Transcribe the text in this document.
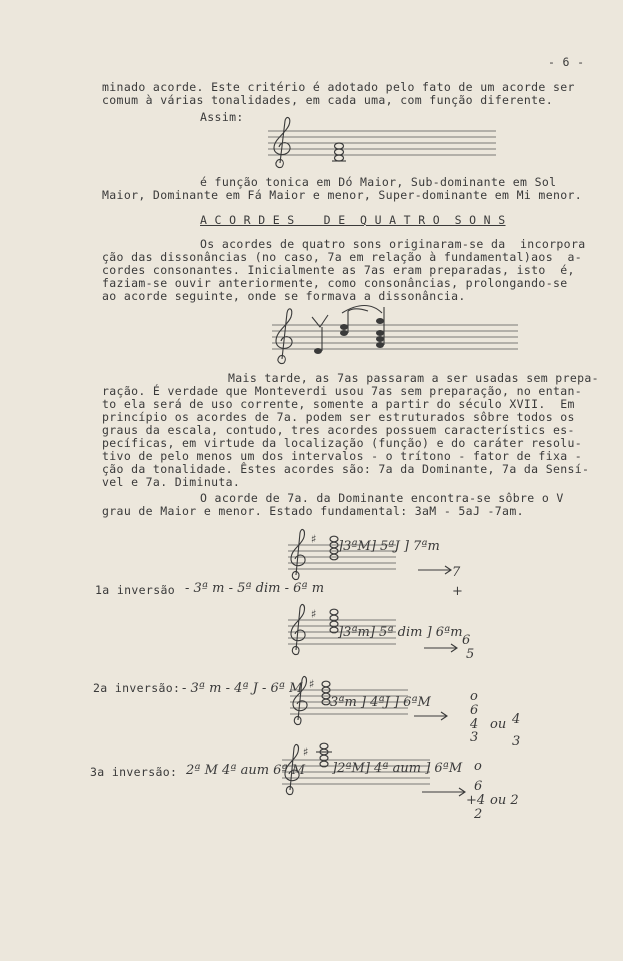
- 6 -
minado acorde. Este critério é adotado pelo fato de um acorde ser
comum à várias tonalidades, em cada uma, com função diferente.
Assim:
é função tonica em Dó Maior, Sub-dominante em Sol
Maior, Dominante em Fá Maior e menor, Super-dominante em Mi menor.
A C O R D E S    D E  Q U A T R O  S O N S
Os acordes de quatro sons originaram-se da  incorpora
ção das dissonâncias (no caso, 7a em relação à fundamental)aos  a-
cordes consonantes. Inicialmente as 7as eram preparadas, isto  é,
faziam-se ouvir anteriormente, como consonâncias, prolongando-se
ao acorde seguinte, onde se formava a dissonância.
Mais tarde, as 7as passaram a ser usadas sem prepa-
ração. É verdade que Monteverdi usou 7as sem preparação, no entan-
to ela será de uso corrente, somente a partir do século XVII.  Em
princípio os acordes de 7a. podem ser estruturados sôbre todos os
graus da escala, contudo, tres acordes possuem característics es-
pecíficas, em virtude da localização (função) e do caráter resolu-
tivo de pelo menos um dos intervalos - o trítono - fator de fixa -
ção da tonalidade. Êstes acordes são: 7a da Dominante, 7a da Sensí-
vel e 7a. Diminuta.
O acorde de 7a. da Dominante encontra-se sôbre o V
grau de Maior e menor. Estado fundamental: 3aM - 5aJ -7am.
♯ ]3ªM] 5ªJ ] 7ªm
7
+
1a inversão - 3ª m - 5ª dim - 6ª m
♯
]3ªm] 5ª dim ] 6ªm
6
5
2a inversão: - 3ª m - 4ª J - 6ª M ♯
3ªm ] 4ªJ ] 6ªM	o
6
4
3
ou 4
3
3a inversão: 2ª M 4ª aum 6ª M
♯
]2ªM] 4ª aum ] 6ªM o
6
+4
2
ou 2
